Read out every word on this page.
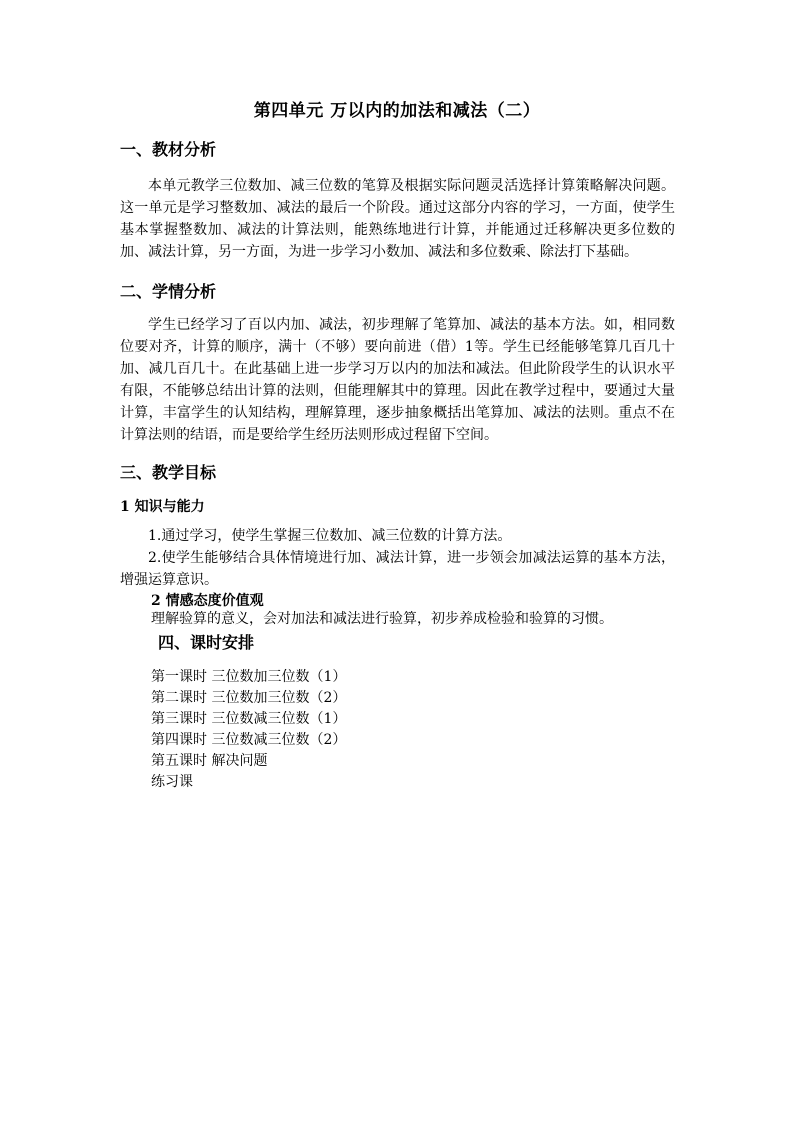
第四单元 万以内的加法和减法（二）
一、教材分析
本单元教学三位数加、减三位数的笔算及根据实际问题灵活选择计算策略解决问题。这一单元是学习整数加、减法的最后一个阶段。通过这部分内容的学习，一方面，使学生基本掌握整数加、减法的计算法则，能熟练地进行计算，并能通过迁移解决更多位数的加、减法计算，另一方面，为进一步学习小数加、减法和多位数乘、除法打下基础。
二、学情分析
学生已经学习了百以内加、减法，初步理解了笔算加、减法的基本方法。如，相同数位要对齐，计算的顺序，满十（不够）要向前进（借）1等。学生已经能够笔算几百几十加、减几百几十。在此基础上进一步学习万以内的加法和减法。但此阶段学生的认识水平有限，不能够总结出计算的法则，但能理解其中的算理。因此在教学过程中，要通过大量计算，丰富学生的认知结构，理解算理，逐步抽象概括出笔算加、减法的法则。重点不在计算法则的结语，而是要给学生经历法则形成过程留下空间。
三、教学目标
1 知识与能力
1.通过学习，使学生掌握三位数加、减三位数的计算方法。
2.使学生能够结合具体情境进行加、减法计算，进一步领会加减法运算的基本方法，增强运算意识。
2 情感态度价值观
理解验算的意义，会对加法和减法进行验算，初步养成检验和验算的习惯。
四、课时安排
第一课时 三位数加三位数（1）
第二课时 三位数加三位数（2）
第三课时 三位数减三位数（1）
第四课时 三位数减三位数（2）
第五课时 解决问题
练习课
